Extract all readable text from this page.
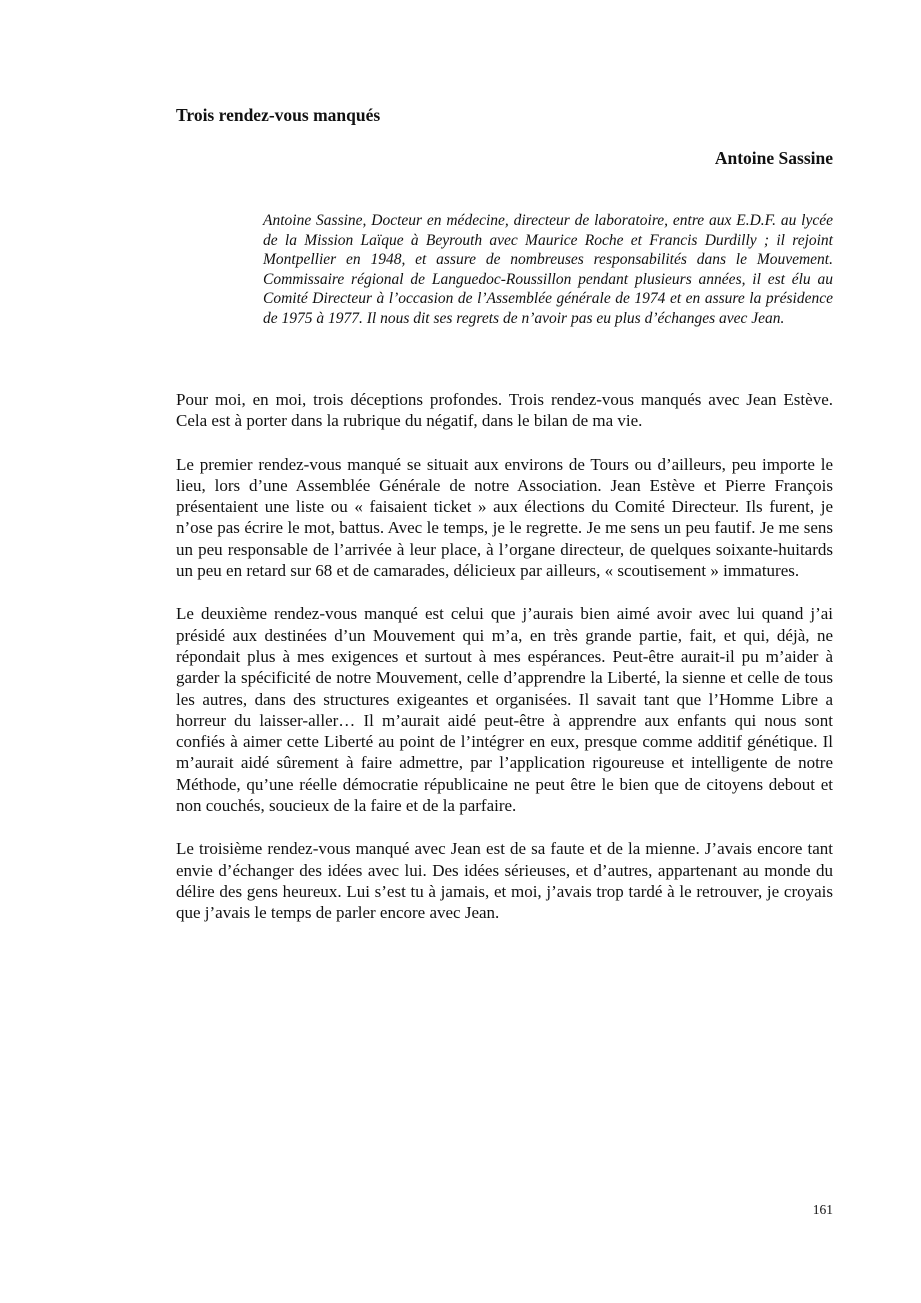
Trois rendez-vous manqués
Antoine Sassine

Antoine Sassine, Docteur en médecine, directeur de laboratoire, entre aux E.D.F. au lycée de la Mission Laïque à Beyrouth avec Maurice Roche et Francis Durdilly ; il rejoint Montpellier en 1948, et assure de nombreuses responsabilités dans le Mouvement. Commissaire régional de Languedoc-Roussillon pendant plusieurs années, il est élu au Comité Directeur à l’occasion de l’Assemblée générale de 1974 et en assure la présidence de 1975 à 1977. Il nous dit ses regrets de n’avoir pas eu plus d’échanges avec Jean.

Pour moi, en moi, trois déceptions profondes. Trois rendez-vous manqués avec Jean Estève. Cela est à porter dans la rubrique du négatif, dans le bilan de ma vie.

Le premier rendez-vous manqué se situait aux environs de Tours ou d’ailleurs, peu importe le lieu, lors d’une Assemblée Générale de notre Association. Jean Estève et Pierre François présentaient une liste ou « faisaient ticket » aux élections du Comité Directeur. Ils furent, je n’ose pas écrire le mot, battus. Avec le temps, je le regrette. Je me sens un peu fautif. Je me sens un peu responsable de l’arrivée à leur place, à l’organe directeur, de quelques soixante-huitards un peu en retard sur 68 et de camarades, délicieux par ailleurs, « scoutisement » immatures.

Le deuxième rendez-vous manqué est celui que j’aurais bien aimé avoir avec lui quand j’ai présidé aux destinées d’un Mouvement qui m’a, en très grande partie, fait, et qui, déjà, ne répondait plus à mes exigences et surtout à mes espérances. Peut-être aurait-il pu m’aider à garder la spécificité de notre Mouvement, celle d’apprendre la Liberté, la sienne et celle de tous les autres, dans des structures exigeantes et organisées. Il savait tant que l’Homme Libre a horreur du laisser-aller… Il m’aurait aidé peut-être à apprendre aux enfants qui nous sont confiés à aimer cette Liberté au point de l’intégrer en eux, presque comme additif génétique. Il m’aurait aidé sûrement à faire admettre, par l’application rigoureuse et intelligente de notre Méthode, qu’une réelle démocratie républicaine ne peut être le bien que de citoyens debout et non couchés, soucieux de la faire et de la parfaire.

Le troisième rendez-vous manqué avec Jean est de sa faute et de la mienne. J’avais encore tant envie d’échanger des idées avec lui. Des idées sérieuses, et d’autres, appartenant au monde du délire des gens heureux. Lui s’est tu à jamais, et moi, j’avais trop tardé à le retrouver, je croyais que j’avais le temps de parler encore avec Jean.

161
